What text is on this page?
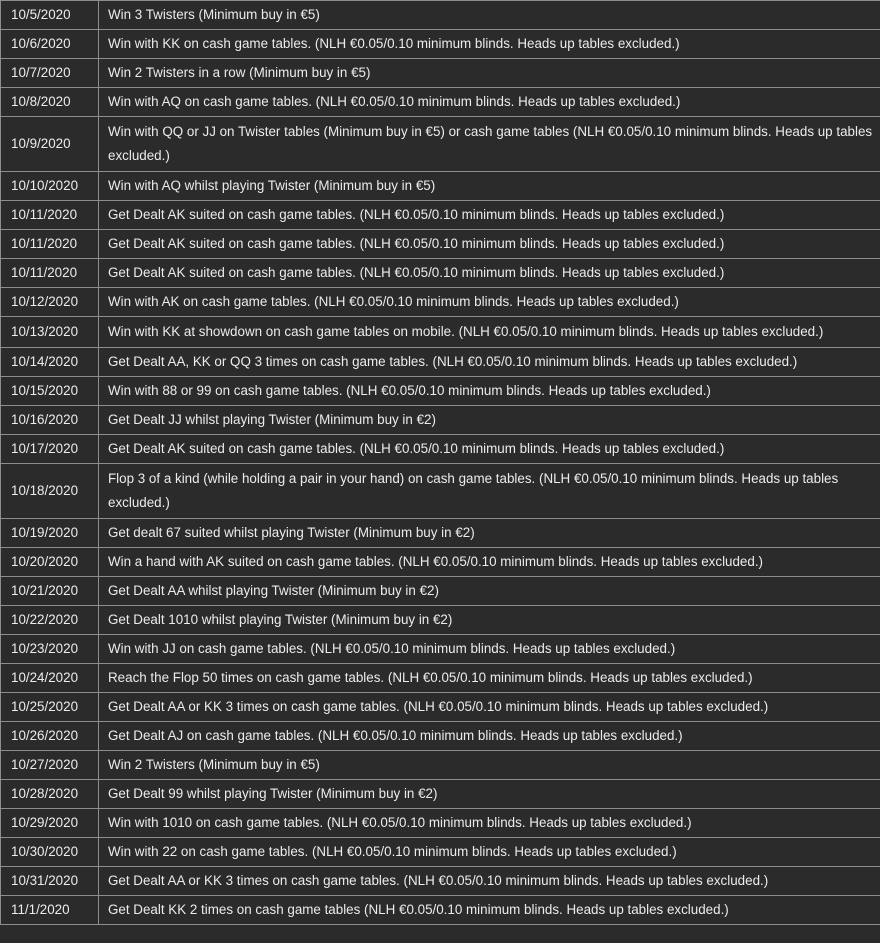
10/5/2020	Win 3 Twisters (Minimum buy in €5)
10/6/2020	Win with KK on cash game tables. (NLH €0.05/0.10 minimum blinds. Heads up tables excluded.)
10/7/2020	Win 2 Twisters in a row (Minimum buy in €5)
10/8/2020	Win with AQ on cash game tables. (NLH €0.05/0.10 minimum blinds. Heads up tables excluded.)
10/9/2020	Win with QQ or JJ on Twister tables (Minimum buy in €5) or cash game tables (NLH €0.05/0.10 minimum blinds. Heads up tables excluded.)
10/10/2020	Win with AQ whilst playing Twister (Minimum buy in €5)
10/11/2020	Get Dealt AK suited on cash game tables. (NLH €0.05/0.10 minimum blinds. Heads up tables excluded.)
10/11/2020	Get Dealt AK suited on cash game tables. (NLH €0.05/0.10 minimum blinds. Heads up tables excluded.)
10/11/2020	Get Dealt AK suited on cash game tables. (NLH €0.05/0.10 minimum blinds. Heads up tables excluded.)
10/12/2020	Win with AK on cash game tables. (NLH €0.05/0.10 minimum blinds. Heads up tables excluded.)
10/13/2020	Win with KK at showdown on cash game tables on mobile. (NLH €0.05/0.10 minimum blinds. Heads up tables excluded.)
10/14/2020	Get Dealt AA, KK or QQ 3 times on cash game tables. (NLH €0.05/0.10 minimum blinds. Heads up tables excluded.)
10/15/2020	Win with 88 or 99 on cash game tables. (NLH €0.05/0.10 minimum blinds. Heads up tables excluded.)
10/16/2020	Get Dealt JJ whilst playing Twister (Minimum buy in €2)
10/17/2020	Get Dealt AK suited on cash game tables. (NLH €0.05/0.10 minimum blinds. Heads up tables excluded.)
10/18/2020	Flop 3 of a kind (while holding a pair in your hand) on cash game tables. (NLH €0.05/0.10 minimum blinds. Heads up tables excluded.)
10/19/2020	Get dealt 67 suited whilst playing Twister (Minimum buy in €2)
10/20/2020	Win a hand with AK suited on cash game tables. (NLH €0.05/0.10 minimum blinds. Heads up tables excluded.)
10/21/2020	Get Dealt AA whilst playing Twister (Minimum buy in €2)
10/22/2020	Get Dealt 1010 whilst playing Twister (Minimum buy in €2)
10/23/2020	Win with JJ on cash game tables. (NLH €0.05/0.10 minimum blinds. Heads up tables excluded.)
10/24/2020	Reach the Flop 50 times on cash game tables. (NLH €0.05/0.10 minimum blinds. Heads up tables excluded.)
10/25/2020	Get Dealt AA or KK 3 times on cash game tables. (NLH €0.05/0.10 minimum blinds. Heads up tables excluded.)
10/26/2020	Get Dealt AJ on cash game tables. (NLH €0.05/0.10 minimum blinds. Heads up tables excluded.)
10/27/2020	Win 2 Twisters (Minimum buy in €5)
10/28/2020	Get Dealt 99 whilst playing Twister (Minimum buy in €2)
10/29/2020	Win with 1010 on cash game tables. (NLH €0.05/0.10 minimum blinds. Heads up tables excluded.)
10/30/2020	Win with 22 on cash game tables. (NLH €0.05/0.10 minimum blinds. Heads up tables excluded.)
10/31/2020	Get Dealt AA or KK 3 times on cash game tables. (NLH €0.05/0.10 minimum blinds. Heads up tables excluded.)
11/1/2020	Get Dealt KK 2 times on cash game tables (NLH €0.05/0.10 minimum blinds. Heads up tables excluded.)
